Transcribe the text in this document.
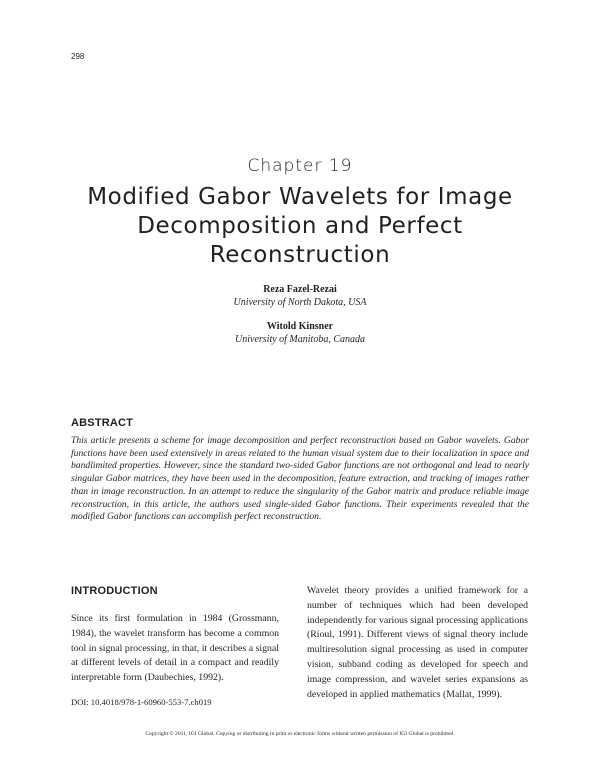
298
Chapter 19
Modified Gabor Wavelets for Image Decomposition and Perfect Reconstruction
Reza Fazel-Rezai
University of North Dakota, USA
Witold Kinsner
University of Manitoba, Canada
ABSTRACT
This article presents a scheme for image decomposition and perfect reconstruction based on Gabor wavelets. Gabor functions have been used extensively in areas related to the human visual system due to their localization in space and bandlimited properties. However, since the standard two-sided Gabor functions are not orthogonal and lead to nearly singular Gabor matrices, they have been used in the decomposition, feature extraction, and tracking of images rather than in image reconstruction. In an attempt to reduce the singularity of the Gabor matrix and produce reliable image reconstruction, in this article, the authors used single-sided Gabor functions. Their experiments revealed that the modified Gabor functions can accomplish perfect reconstruction.
INTRODUCTION
Since its first formulation in 1984 (Grossmann, 1984), the wavelet transform has become a common tool in signal processing, in that, it describes a signal at different levels of detail in a compact and readily interpretable form (Daubechies, 1992).
Wavelet theory provides a unified framework for a number of techniques which had been developed independently for various signal processing applications (Rioul, 1991). Different views of signal theory include multiresolution signal processing as used in computer vision, subband coding as developed for speech and image compression, and wavelet series expansions as developed in applied mathematics (Mallat, 1999).
DOI: 10.4018/978-1-60960-553-7.ch019
Copyright © 2011, IGI Global. Copying or distributing in print or electronic forms without written permission of IGI Global is prohibited.
